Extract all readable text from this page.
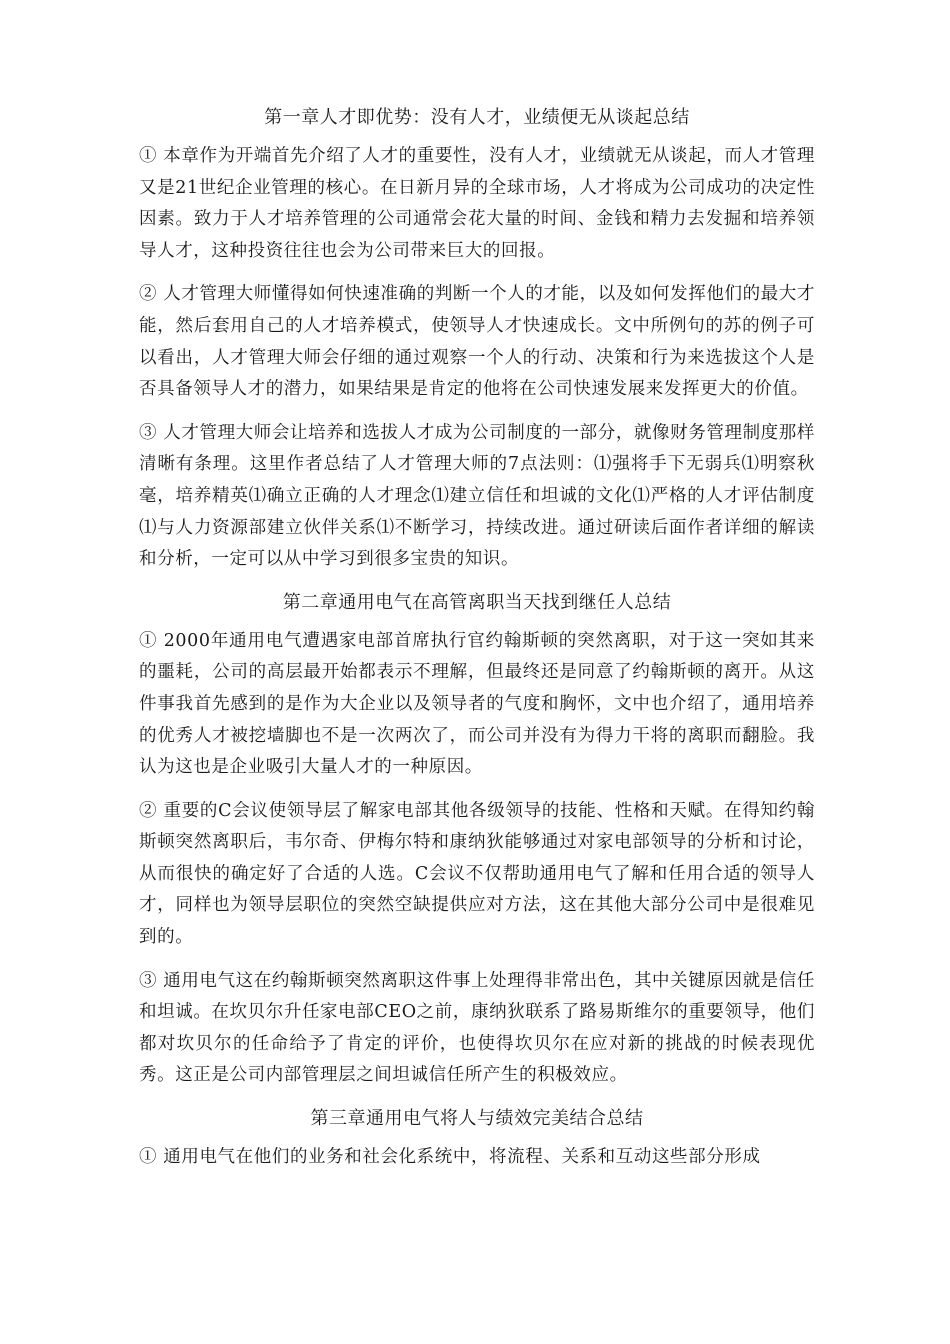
第一章人才即优势：没有人才，业绩便无从谈起总结

① 本章作为开端首先介绍了人才的重要性，没有人才，业绩就无从谈起，而人才管理又是21世纪企业管理的核心。在日新月异的全球市场，人才将成为公司成功的决定性因素。致力于人才培养管理的公司通常会花大量的时间、金钱和精力去发掘和培养领导人才，这种投资往往也会为公司带来巨大的回报。

② 人才管理大师懂得如何快速准确的判断一个人的才能，以及如何发挥他们的最大才能，然后套用自己的人才培养模式，使领导人才快速成长。文中所例句的苏的例子可以看出，人才管理大师会仔细的通过观察一个人的行动、决策和行为来选拔这个人是否具备领导人才的潜力，如果结果是肯定的他将在公司快速发展来发挥更大的价值。

③ 人才管理大师会让培养和选拔人才成为公司制度的一部分，就像财务管理制度那样清晰有条理。这里作者总结了人才管理大师的7点法则：⑴强将手下无弱兵⑴明察秋毫，培养精英⑴确立正确的人才理念⑴建立信任和坦诚的文化⑴严格的人才评估制度⑴与人力资源部建立伙伴关系⑴不断学习，持续改进。通过研读后面作者详细的解读和分析，一定可以从中学习到很多宝贵的知识。

第二章通用电气在高管离职当天找到继任人总结

① 2000年通用电气遭遇家电部首席执行官约翰斯顿的突然离职，对于这一突如其来的噩耗，公司的高层最开始都表示不理解，但最终还是同意了约翰斯顿的离开。从这件事我首先感到的是作为大企业以及领导者的气度和胸怀，文中也介绍了，通用培养的优秀人才被挖墙脚也不是一次两次了，而公司并没有为得力干将的离职而翻脸。我认为这也是企业吸引大量人才的一种原因。

② 重要的C会议使领导层了解家电部其他各级领导的技能、性格和天赋。在得知约翰斯顿突然离职后，韦尔奇、伊梅尔特和康纳狄能够通过对家电部领导的分析和讨论，从而很快的确定好了合适的人选。C会议不仅帮助通用电气了解和任用合适的领导人才，同样也为领导层职位的突然空缺提供应对方法，这在其他大部分公司中是很难见到的。

③ 通用电气这在约翰斯顿突然离职这件事上处理得非常出色，其中关键原因就是信任和坦诚。在坎贝尔升任家电部CEO之前，康纳狄联系了路易斯维尔的重要领导，他们都对坎贝尔的任命给予了肯定的评价，也使得坎贝尔在应对新的挑战的时候表现优秀。这正是公司内部管理层之间坦诚信任所产生的积极效应。

第三章通用电气将人与绩效完美结合总结

① 通用电气在他们的业务和社会化系统中，将流程、关系和互动这些部分形成
